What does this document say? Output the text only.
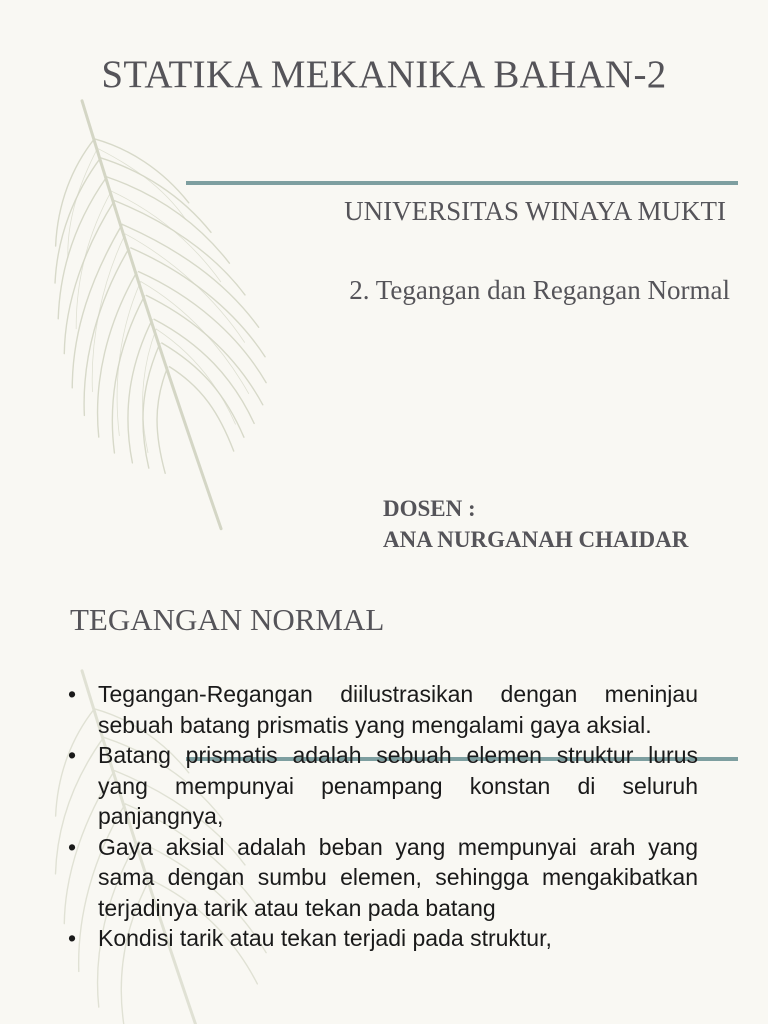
STATIKA MEKANIKA BAHAN-2
UNIVERSITAS WINAYA MUKTI
2. Tegangan dan Regangan Normal
DOSEN :
ANA NURGANAH CHAIDAR
TEGANGAN NORMAL
• Tegangan-Regangan diilustrasikan dengan meninjau sebuah batang prismatis yang mengalami gaya aksial.
• Batang prismatis adalah sebuah elemen struktur lurus yang mempunyai penampang konstan di seluruh panjangnya,
• Gaya aksial adalah beban yang mempunyai arah yang sama dengan sumbu elemen, sehingga mengakibatkan terjadinya tarik atau tekan pada batang
• Kondisi tarik atau tekan terjadi pada struktur,
